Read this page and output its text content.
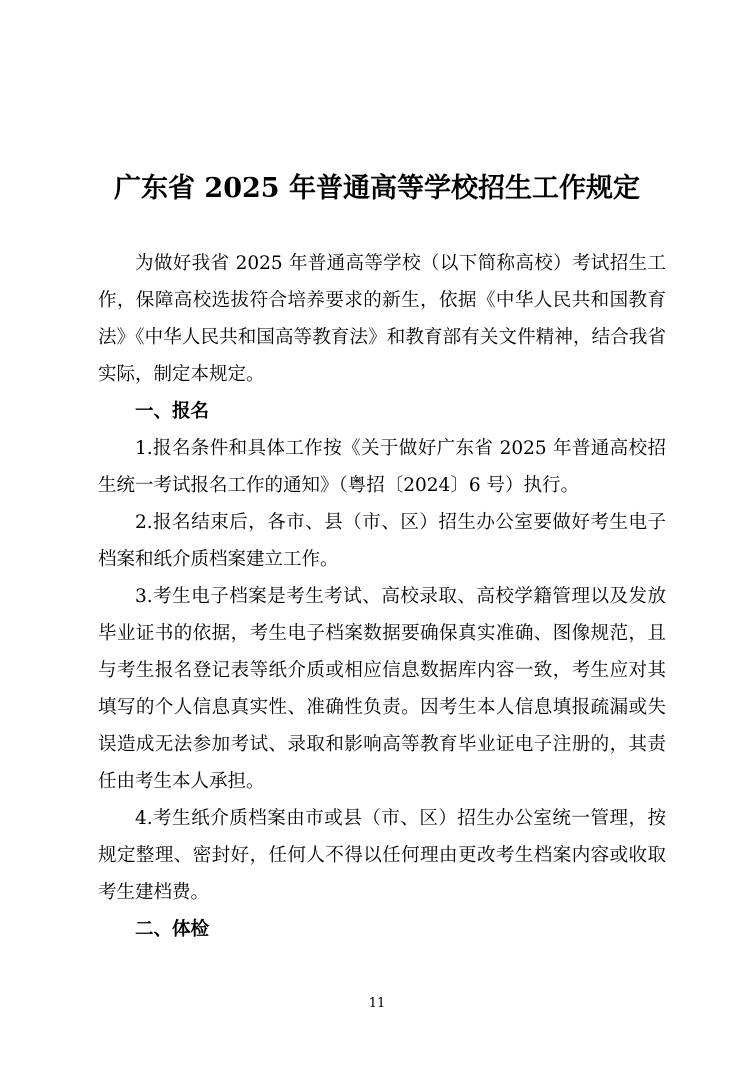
广东省 2025 年普通高等学校招生工作规定

为做好我省 2025 年普通高等学校（以下简称高校）考试招生工作，保障高校选拔符合培养要求的新生，依据《中华人民共和国教育法》《中华人民共和国高等教育法》和教育部有关文件精神，结合我省实际，制定本规定。

一、报名

1.报名条件和具体工作按《关于做好广东省 2025 年普通高校招生统一考试报名工作的通知》（粤招〔2024〕6 号）执行。

2.报名结束后，各市、县（市、区）招生办公室要做好考生电子档案和纸介质档案建立工作。

3.考生电子档案是考生考试、高校录取、高校学籍管理以及发放毕业证书的依据，考生电子档案数据要确保真实准确、图像规范，且与考生报名登记表等纸介质或相应信息数据库内容一致，考生应对其填写的个人信息真实性、准确性负责。因考生本人信息填报疏漏或失误造成无法参加考试、录取和影响高等教育毕业证电子注册的，其责任由考生本人承担。

4.考生纸介质档案由市或县（市、区）招生办公室统一管理，按规定整理、密封好，任何人不得以任何理由更改考生档案内容或收取考生建档费。

二、体检

11
